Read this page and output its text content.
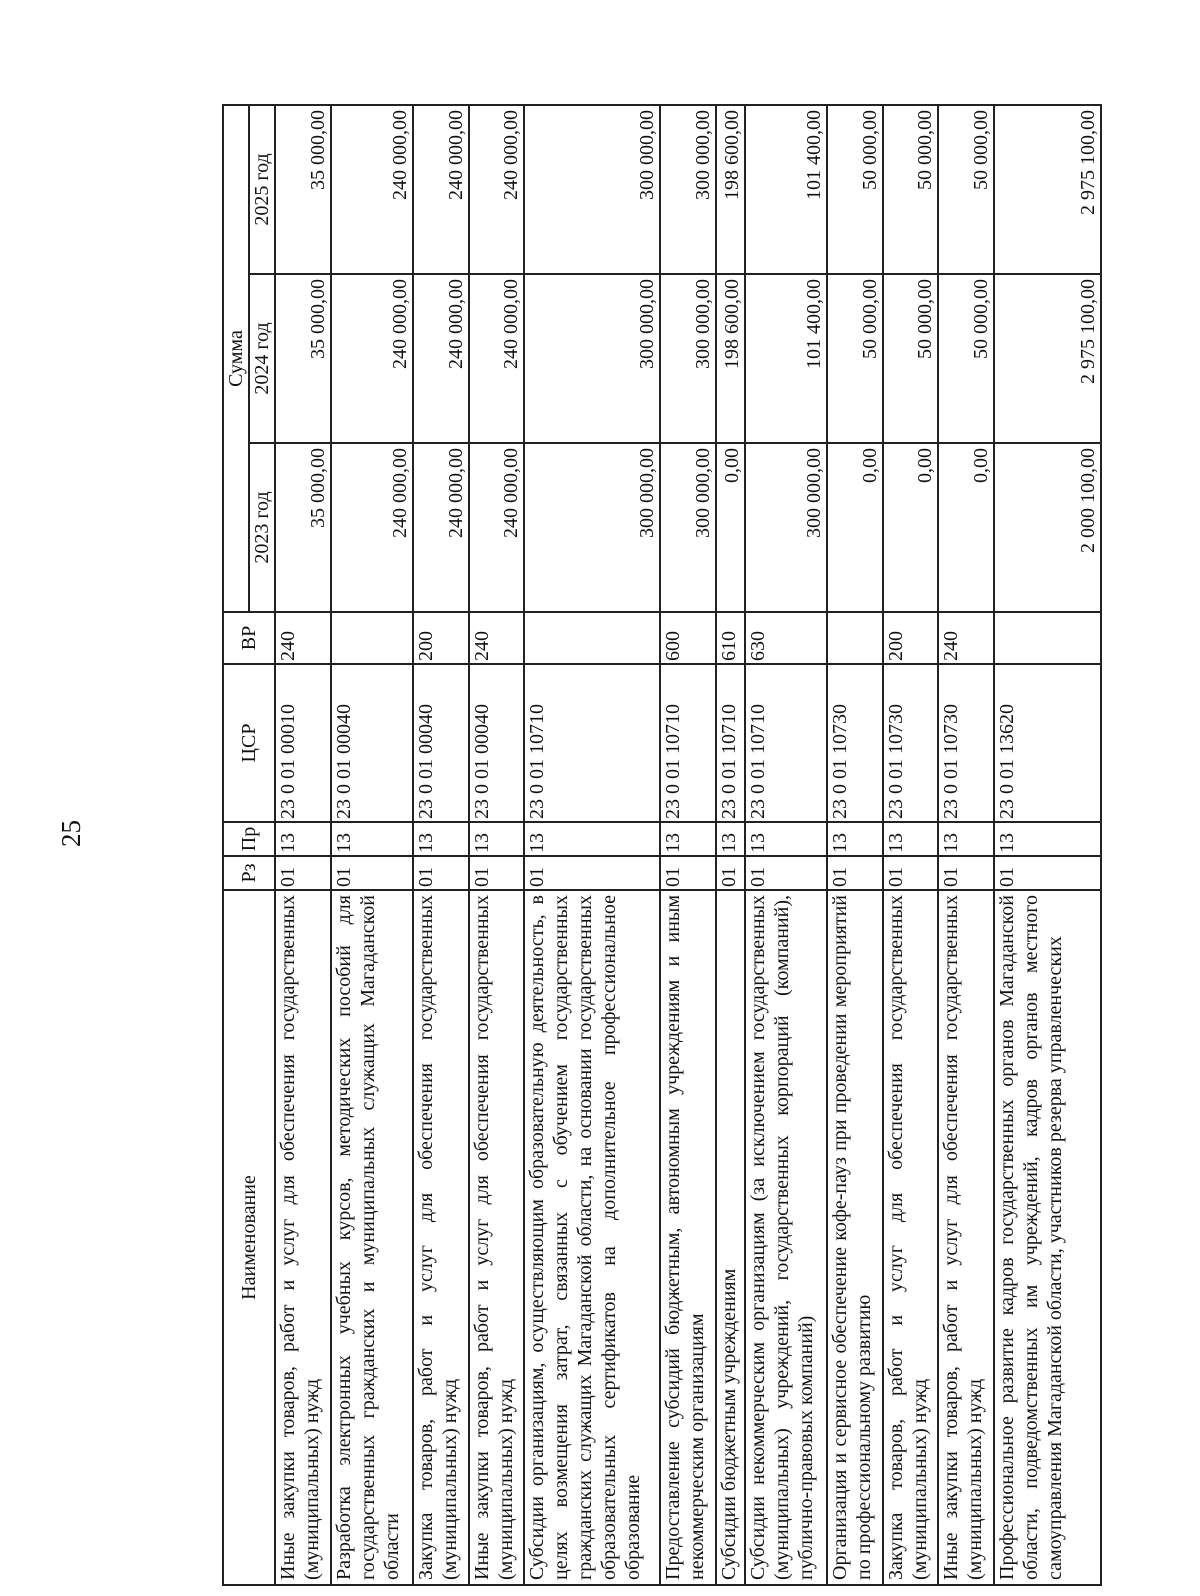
25
Наименование	Рз	Пр	ЦСР	ВР	Сумма		
					2023 год	2024 год	2025 год
Иные закупки товаров, работ и услуг для обеспечения государственных (муниципальных) нужд	01	13	23 0 01 00010	240	35 000,00	35 000,00	35 000,00
Разработка электронных учебных курсов, методических пособий для государственных гражданских и муниципальных служащих Магаданской области	01	13	23 0 01 00040		240 000,00	240 000,00	240 000,00
Закупка товаров, работ и услуг для обеспечения государственных (муниципальных) нужд	01	13	23 0 01 00040	200	240 000,00	240 000,00	240 000,00
Иные закупки товаров, работ и услуг для обеспечения государственных (муниципальных) нужд	01	13	23 0 01 00040	240	240 000,00	240 000,00	240 000,00
Субсидии организациям, осуществляющим образовательную деятельность, в целях возмещения затрат, связанных с обучением государственных гражданских служащих Магаданской области, на основании государственных образовательных сертификатов на дополнительное профессиональное образование	01	13	23 0 01 10710		300 000,00	300 000,00	300 000,00
Предоставление субсидий бюджетным, автономным учреждениям и иным некоммерческим организациям	01	13	23 0 01 10710	600	300 000,00	300 000,00	300 000,00
Субсидии бюджетным учреждениям	01	13	23 0 01 10710	610	0,00	198 600,00	198 600,00
Субсидии некоммерческим организациям (за исключением государственных (муниципальных) учреждений, государственных корпораций (компаний), публично-правовых компаний)	01	13	23 0 01 10710	630	300 000,00	101 400,00	101 400,00
Организация и сервисное обеспечение кофе-пауз при проведении мероприятий по профессиональному развитию	01	13	23 0 01 10730		0,00	50 000,00	50 000,00
Закупка товаров, работ и услуг для обеспечения государственных (муниципальных) нужд	01	13	23 0 01 10730	200	0,00	50 000,00	50 000,00
Иные закупки товаров, работ и услуг для обеспечения государственных (муниципальных) нужд	01	13	23 0 01 10730	240	0,00	50 000,00	50 000,00
Профессиональное развитие кадров государственных органов Магаданской области, подведомственных им учреждений, кадров органов местного самоуправления Магаданской области, участников резерва управленческих	01	13	23 0 01 13620		2 000 100,00	2 975 100,00	2 975 100,00
